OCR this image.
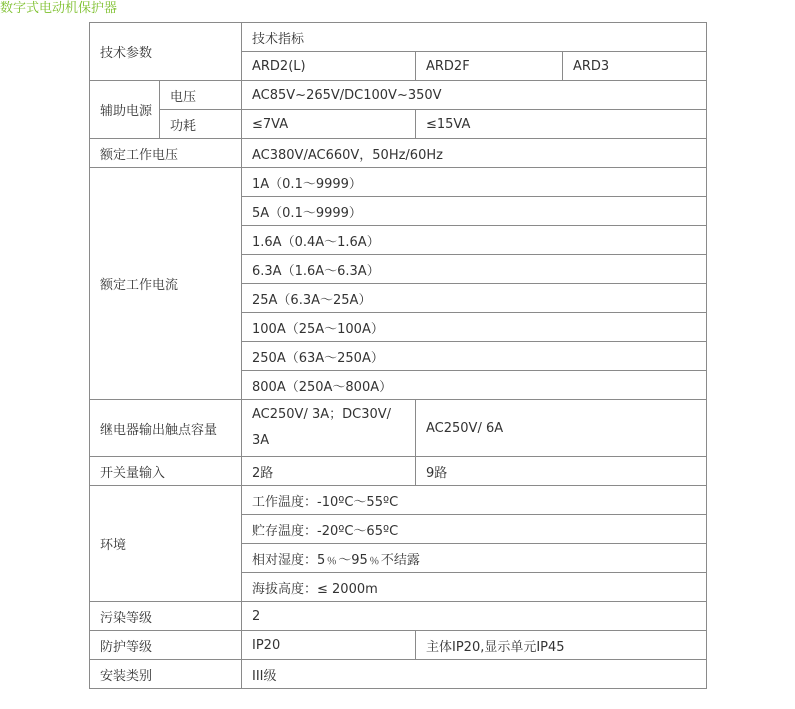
数字式电动机保护器

技术参数		技术指标		
		ARD2(L)	ARD2F	ARD3
辅助电源	电压	AC85V~265V/DC100V~350V		
	功耗	≤7VA	≤15VA	
额定工作电压		AC380V/AC660V，50Hz/60Hz		
额定工作电流		1A（0.1～9999）		
		5A（0.1～9999）		
		1.6A（0.4A～1.6A）		
		6.3A（1.6A～6.3A）		
		25A（6.3A～25A）		
		100A（25A～100A）		
		250A（63A～250A）		
		800A（250A～800A）		
继电器输出触点容量		AC250V/ 3A；DC30V/ 3A	AC250V/ 6A	
开关量输入		2路	9路	
环境		工作温度：-10ºC～55ºC		
		贮存温度：-20ºC～65ºC		
		相对湿度：5﹪～95﹪不结露		
		海拔高度：≤ 2000m		
污染等级		2		
防护等级		IP20	主体IP20,显示单元IP45	
安装类别		III级		
